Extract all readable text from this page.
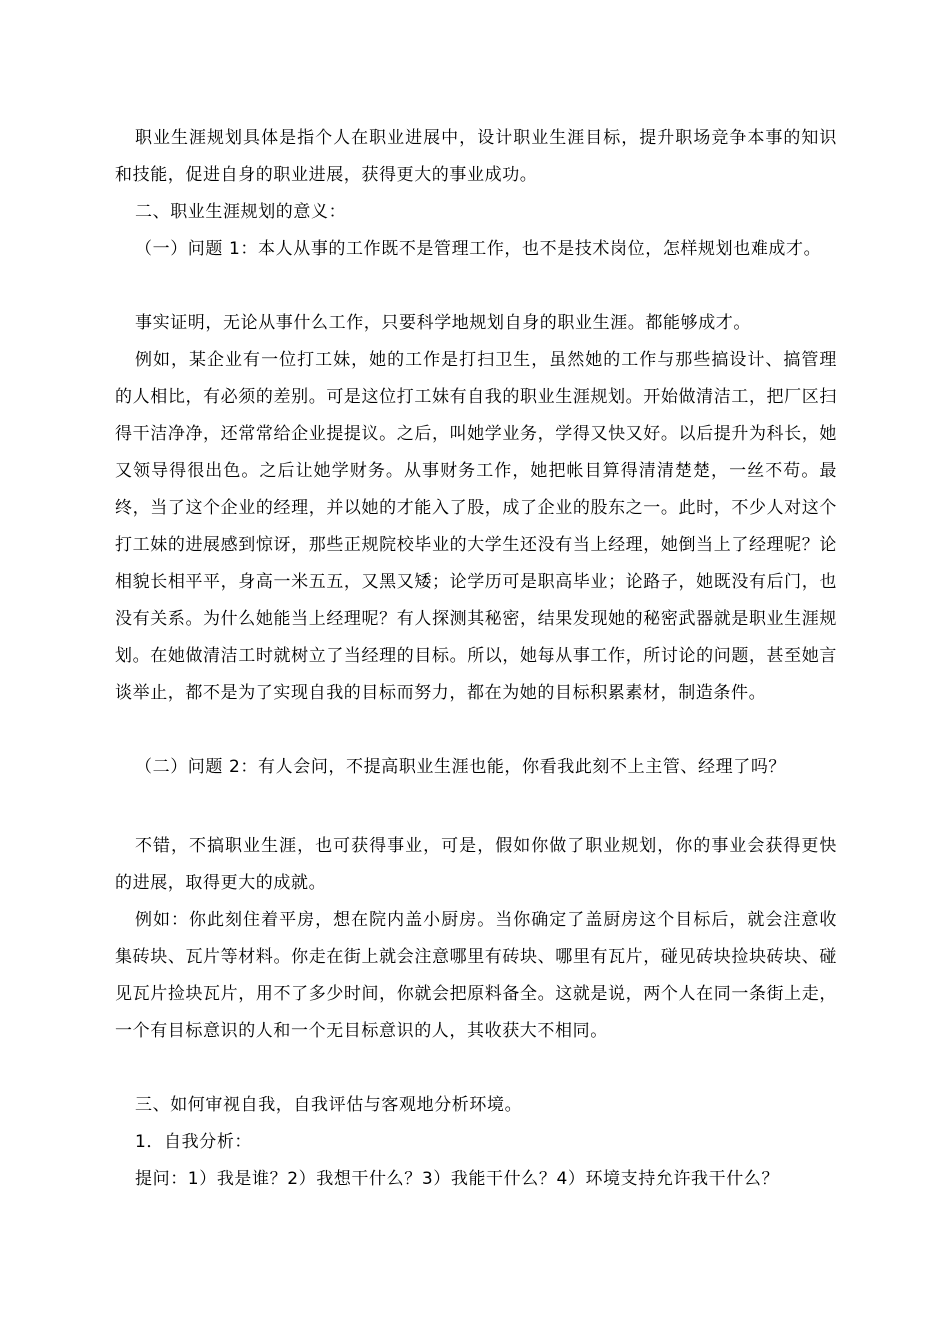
职业生涯规划具体是指个人在职业进展中，设计职业生涯目标，提升职场竞争本事的知识和技能，促进自身的职业进展，获得更大的事业成功。

二、职业生涯规划的意义：

（一）问题 1：本人从事的工作既不是管理工作，也不是技术岗位，怎样规划也难成才。

事实证明，无论从事什么工作，只要科学地规划自身的职业生涯。都能够成才。

例如，某企业有一位打工妹，她的工作是打扫卫生，虽然她的工作与那些搞设计、搞管理的人相比，有必须的差别。可是这位打工妹有自我的职业生涯规划。开始做清洁工，把厂区扫得干洁净净，还常常给企业提提议。之后，叫她学业务，学得又快又好。以后提升为科长，她又领导得很出色。之后让她学财务。从事财务工作，她把帐目算得清清楚楚，一丝不苟。最终，当了这个企业的经理，并以她的才能入了股，成了企业的股东之一。此时，不少人对这个打工妹的进展感到惊讶，那些正规院校毕业的大学生还没有当上经理，她倒当上了经理呢？论相貌长相平平，身高一米五五，又黑又矮；论学历可是职高毕业；论路子，她既没有后门，也没有关系。为什么她能当上经理呢？有人探测其秘密，结果发现她的秘密武器就是职业生涯规划。在她做清洁工时就树立了当经理的目标。所以，她每从事工作，所讨论的问题，甚至她言谈举止，都不是为了实现自我的目标而努力，都在为她的目标积累素材，制造条件。

（二）问题 2：有人会问，不提高职业生涯也能，你看我此刻不上主管、经理了吗？

不错，不搞职业生涯，也可获得事业，可是，假如你做了职业规划，你的事业会获得更快的进展，取得更大的成就。

例如：你此刻住着平房，想在院内盖小厨房。当你确定了盖厨房这个目标后，就会注意收集砖块、瓦片等材料。你走在街上就会注意哪里有砖块、哪里有瓦片，碰见砖块捡块砖块、碰见瓦片捡块瓦片，用不了多少时间，你就会把原料备全。这就是说，两个人在同一条街上走，一个有目标意识的人和一个无目标意识的人，其收获大不相同。

三、如何审视自我，自我评估与客观地分析环境。

1．自我分析：

提问：1）我是谁？2）我想干什么？3）我能干什么？4）环境支持允许我干什么？
